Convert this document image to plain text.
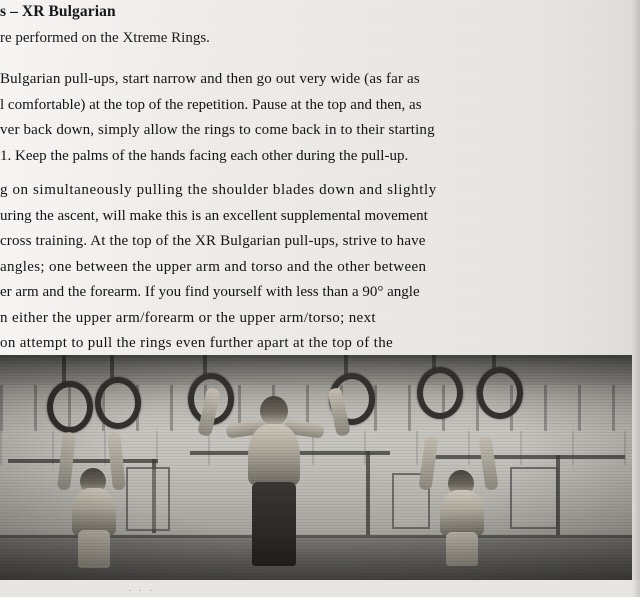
s – XR Bulgarian
re performed on the Xtreme Rings.
Bulgarian pull-ups, start narrow and then go out very wide (as far as
l comfortable) at the top of the repetition. Pause at the top and then, as
ver back down, simply allow the rings to come back in to their starting
1. Keep the palms of the hands facing each other during the pull-up.
g on simultaneously pulling the shoulder blades down and slightly
uring the ascent, will make this is an excellent supplemental movement
cross training. At the top of the XR Bulgarian pull-ups, strive to have
angles; one between the upper arm and torso and the other between
er arm and the forearm. If you find yourself with less than a 90° angle
n either the upper arm/forearm or the upper arm/torso; next
on attempt to pull the rings even further apart at the top of the
· · ·
